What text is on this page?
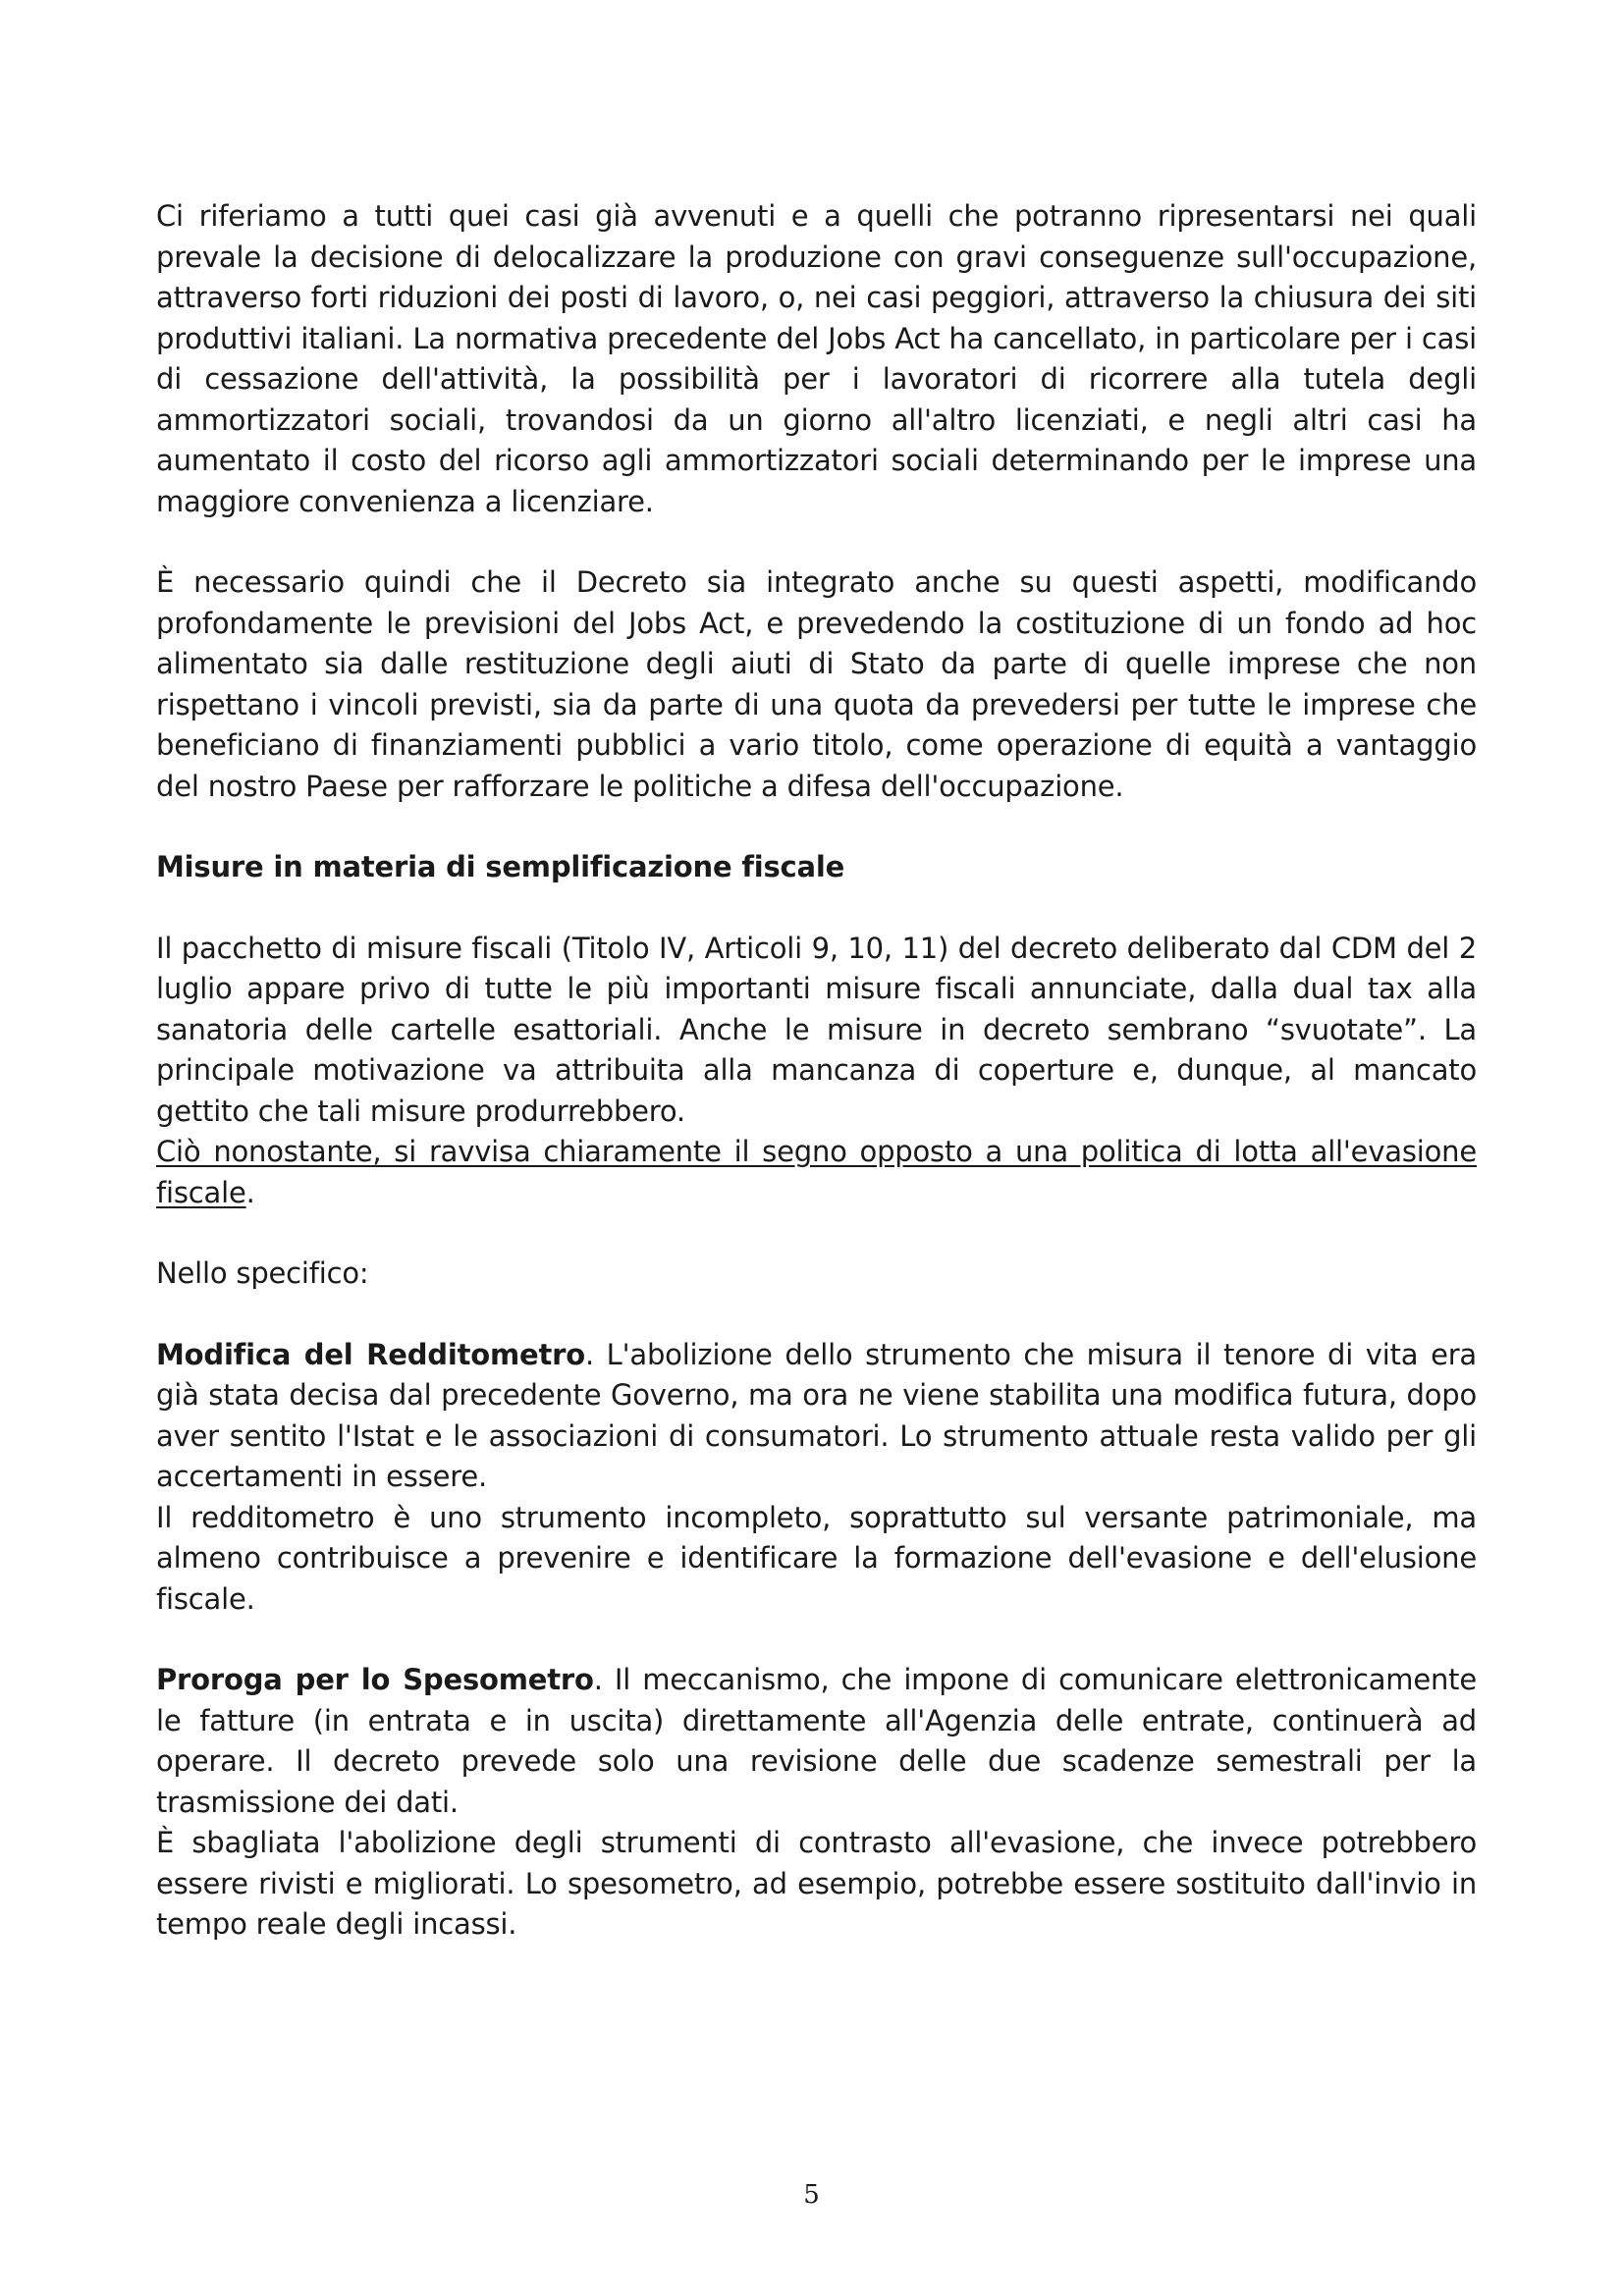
Ci riferiamo a tutti quei casi già avvenuti e a quelli che potranno ripresentarsi nei quali prevale la decisione di delocalizzare la produzione con gravi conseguenze sull'occupazione, attraverso forti riduzioni dei posti di lavoro, o, nei casi peggiori, attraverso la chiusura dei siti produttivi italiani. La normativa precedente del Jobs Act ha cancellato, in particolare per i casi di cessazione dell'attività, la possibilità per i lavoratori di ricorrere alla tutela degli ammortizzatori sociali, trovandosi da un giorno all'altro licenziati, e negli altri casi ha aumentato il costo del ricorso agli ammortizzatori sociali determinando per le imprese una maggiore convenienza a licenziare.

È necessario quindi che il Decreto sia integrato anche su questi aspetti, modificando profondamente le previsioni del Jobs Act, e prevedendo la costituzione di un fondo ad hoc alimentato sia dalle restituzione degli aiuti di Stato da parte di quelle imprese che non rispettano i vincoli previsti, sia da parte di una quota da prevedersi per tutte le imprese che beneficiano di finanziamenti pubblici a vario titolo, come operazione di equità a vantaggio del nostro Paese per rafforzare le politiche a difesa dell'occupazione.

Misure in materia di semplificazione fiscale

Il pacchetto di misure fiscali (Titolo IV, Articoli 9, 10, 11) del decreto deliberato dal CDM del 2 luglio appare privo di tutte le più importanti misure fiscali annunciate, dalla dual tax alla sanatoria delle cartelle esattoriali. Anche le misure in decreto sembrano “svuotate”. La principale motivazione va attribuita alla mancanza di coperture e, dunque, al mancato gettito che tali misure produrrebbero.

Ciò nonostante, si ravvisa chiaramente il segno opposto a una politica di lotta all'evasione fiscale.

Nello specifico:

Modifica del Redditometro. L'abolizione dello strumento che misura il tenore di vita era già stata decisa dal precedente Governo, ma ora ne viene stabilita una modifica futura, dopo aver sentito l'Istat e le associazioni di consumatori. Lo strumento attuale resta valido per gli accertamenti in essere.

Il redditometro è uno strumento incompleto, soprattutto sul versante patrimoniale, ma almeno contribuisce a prevenire e identificare la formazione dell'evasione e dell'elusione fiscale.

Proroga per lo Spesometro. Il meccanismo, che impone di comunicare elettronicamente le fatture (in entrata e in uscita) direttamente all'Agenzia delle entrate, continuerà ad operare. Il decreto prevede solo una revisione delle due scadenze semestrali per la trasmissione dei dati.

È sbagliata l'abolizione degli strumenti di contrasto all'evasione, che invece potrebbero essere rivisti e migliorati. Lo spesometro, ad esempio, potrebbe essere sostituito dall'invio in tempo reale degli incassi.

5
